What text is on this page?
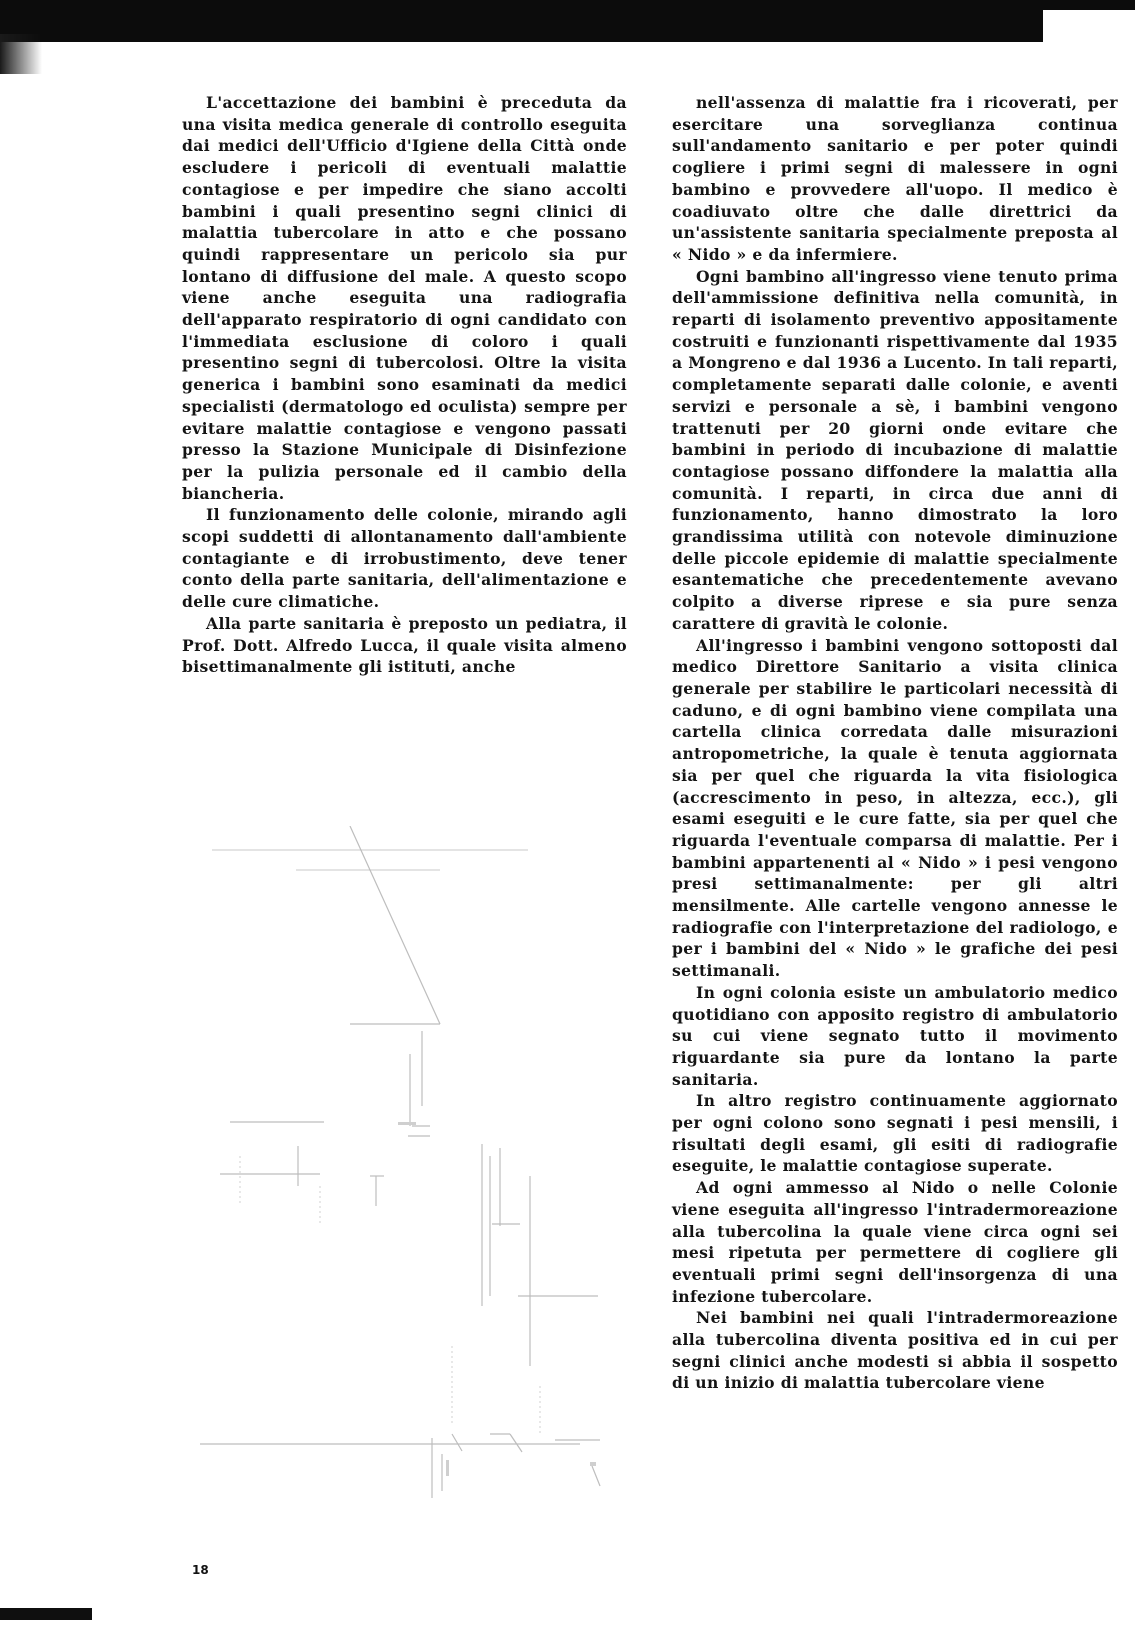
L'accettazione dei bambini è preceduta da una visita medica generale di controllo eseguita dai medici dell'Ufficio d'Igiene della Città onde escludere i pericoli di eventuali malattie contagiose e per impedire che siano accolti bambini i quali presentino segni clinici di malattia tubercolare in atto e che possano quindi rappresentare un pericolo sia pur lontano di diffusione del male. A questo scopo viene anche eseguita una radiografia dell'apparato respiratorio di ogni candidato con l'immediata esclusione di coloro i quali presentino segni di tubercolosi. Oltre la visita generica i bambini sono esaminati da medici specialisti (dermatologo ed oculista) sempre per evitare malattie contagiose e vengono passati presso la Stazione Municipale di Disinfezione per la pulizia personale ed il cambio della biancheria.

Il funzionamento delle colonie, mirando agli scopi suddetti di allontanamento dall'ambiente contagiante e di irrobustimento, deve tener conto della parte sanitaria, dell'alimentazione e delle cure climatiche.

Alla parte sanitaria è preposto un pediatra, il Prof. Dott. Alfredo Lucca, il quale visita almeno bisettimanalmente gli istituti, anche

nell'assenza di malattie fra i ricoverati, per esercitare una sorveglianza continua sull'andamento sanitario e per poter quindi cogliere i primi segni di malessere in ogni bambino e provvedere all'uopo. Il medico è coadiuvato oltre che dalle direttrici da un'assistente sanitaria specialmente preposta al « Nido » e da infermiere.

Ogni bambino all'ingresso viene tenuto prima dell'ammissione definitiva nella comunità, in reparti di isolamento preventivo appositamente costruiti e funzionanti rispettivamente dal 1935 a Mongreno e dal 1936 a Lucento. In tali reparti, completamente separati dalle colonie, e aventi servizi e personale a sè, i bambini vengono trattenuti per 20 giorni onde evitare che bambini in periodo di incubazione di malattie contagiose possano diffondere la malattia alla comunità. I reparti, in circa due anni di funzionamento, hanno dimostrato la loro grandissima utilità con notevole diminuzione delle piccole epidemie di malattie specialmente esantematiche che precedentemente avevano colpito a diverse riprese e sia pure senza carattere di gravità le colonie.

All'ingresso i bambini vengono sottoposti dal medico Direttore Sanitario a visita clinica generale per stabilire le particolari necessità di caduno, e di ogni bambino viene compilata una cartella clinica corredata dalle misurazioni antropometriche, la quale è tenuta aggiornata sia per quel che riguarda la vita fisiologica (accrescimento in peso, in altezza, ecc.), gli esami eseguiti e le cure fatte, sia per quel che riguarda l'eventuale comparsa di malattie. Per i bambini appartenenti al « Nido » i pesi vengono presi settimanalmente: per gli altri mensilmente. Alle cartelle vengono annesse le radiografie con l'interpretazione del radiologo, e per i bambini del « Nido » le grafiche dei pesi settimanali.

In ogni colonia esiste un ambulatorio medico quotidiano con apposito registro di ambulatorio su cui viene segnato tutto il movimento riguardante sia pure da lontano la parte sanitaria.

In altro registro continuamente aggiornato per ogni colono sono segnati i pesi mensili, i risultati degli esami, gli esiti di radiografie eseguite, le malattie contagiose superate.

Ad ogni ammesso al Nido o nelle Colonie viene eseguita all'ingresso l'intradermoreazione alla tubercolina la quale viene circa ogni sei mesi ripetuta per permettere di cogliere gli eventuali primi segni dell'insorgenza di una infezione tubercolare.

Nei bambini nei quali l'intradermoreazione alla tubercolina diventa positiva ed in cui per segni clinici anche modesti si abbia il sospetto di un inizio di malattia tubercolare viene

18
